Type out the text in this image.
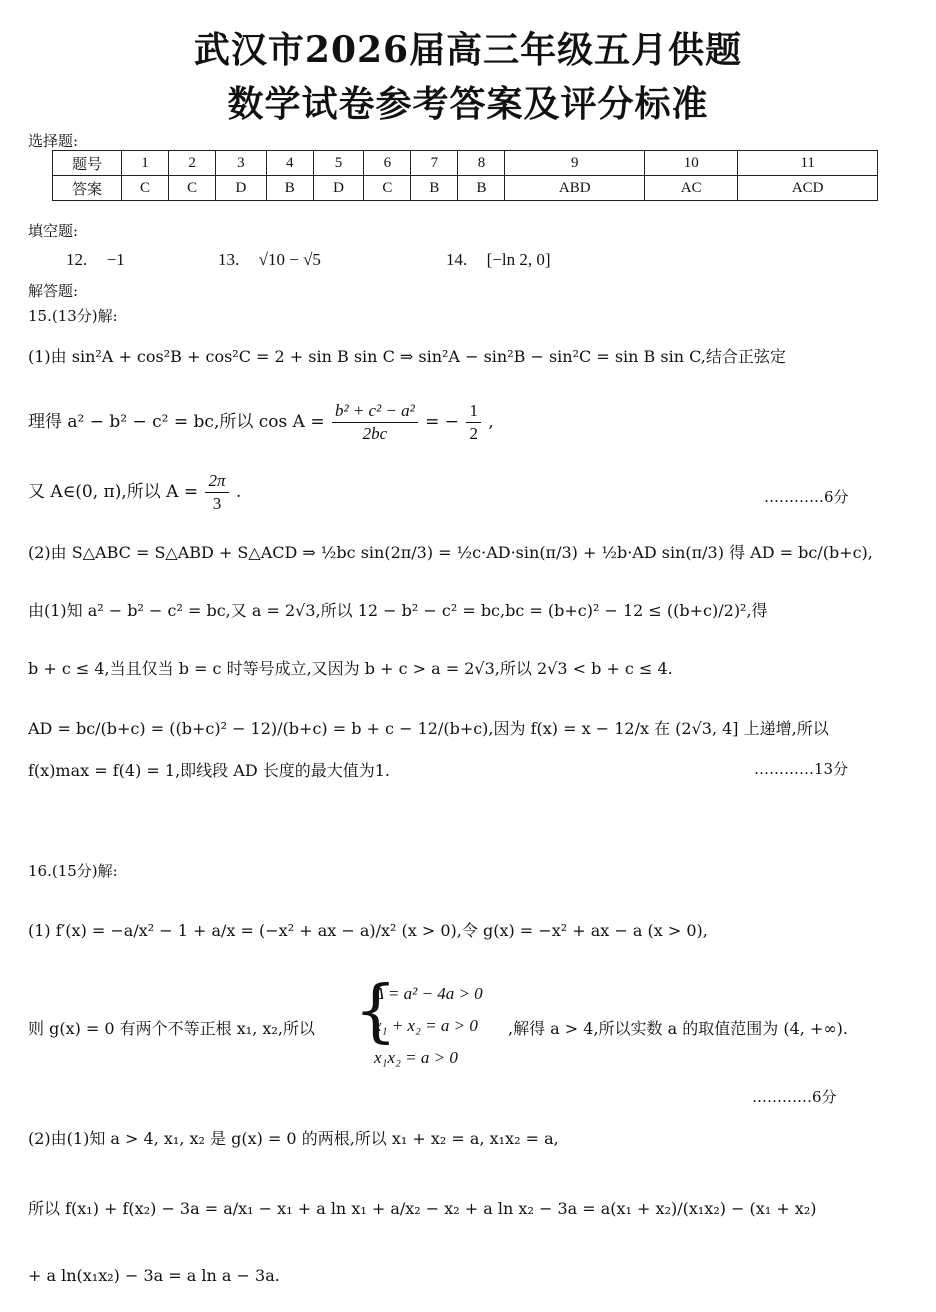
武汉市2026届高三年级五月供题
数学试卷参考答案及评分标准
选择题:
题号	1	2	3	4	5	6	7	8	9	10	11
答案	C	C	D	B	D	C	B	B	ABD	AC	ACD
填空题:
12. −1	13. √10 − √5	14. [−ln 2, 0]
解答题:
15.(13分)解:
(1)由 sin²A + cos²B + cos²C = 2 + sin B sin C ⇒ sin²A − sin²B − sin²C = sin B sin C,结合正弦定
理得 a² − b² − c² = bc,所以 $\cos A = \frac{\text{b² + c² − a²}}{2bc}$ = − $\frac{1}{2}$ ,
又 A∈(0, π),所以 $A = \frac{2\pi}{3}$ .	…………6分
(2)由 S△ABC = S△ABD + S△ACD ⇒ ½bc sin(2π/3) = ½c·AD·sin(π/3) + ½b·AD sin(π/3) 得 AD = bc/(b+c),
由(1)知 a² − b² − c² = bc,又 a = 2√3,所以 12 − b² − c² = bc,bc = (b+c)² − 12 ≤ ((b+c)/2)²,得
b + c ≤ 4,当且仅当 b = c 时等号成立,又因为 b + c > a = 2√3,所以 2√3 < b + c ≤ 4.
AD = bc/(b+c) = ((b+c)² − 12)/(b+c) = b + c − 12/(b+c),因为 f(x) = x − 12/x 在 (2√3, 4] 上递增,所以
f(x)max = f(4) = 1,即线段 AD 长度的最大值为1.	…………13分
16.(15分)解:
(1) f′(x) = −a/x² − 1 + a/x = (−x² + ax − a)/x² (x > 0),令 g(x) = −x² + ax − a (x > 0),
则 g(x) = 0 有两个不等正根 x₁, x₂,所以 {
Δ = a² − 4a > 0
x₁ + x₂ = a > 0
x₁x₂ = a > 0
,解得 a > 4,所以实数 a 的取值范围为 (4, +∞).
…………6分
(2)由(1)知 a > 4, x₁, x₂ 是 g(x) = 0 的两根,所以 x₁ + x₂ = a, x₁x₂ = a,
所以 f(x₁) + f(x₂) − 3a = a/x₁ − x₁ + a ln x₁ + a/x₂ − x₂ + a ln x₂ − 3a = a(x₁ + x₂)/(x₁x₂) − (x₁ + x₂)
+ a ln(x₁x₂) − 3a = a ln a − 3a.
